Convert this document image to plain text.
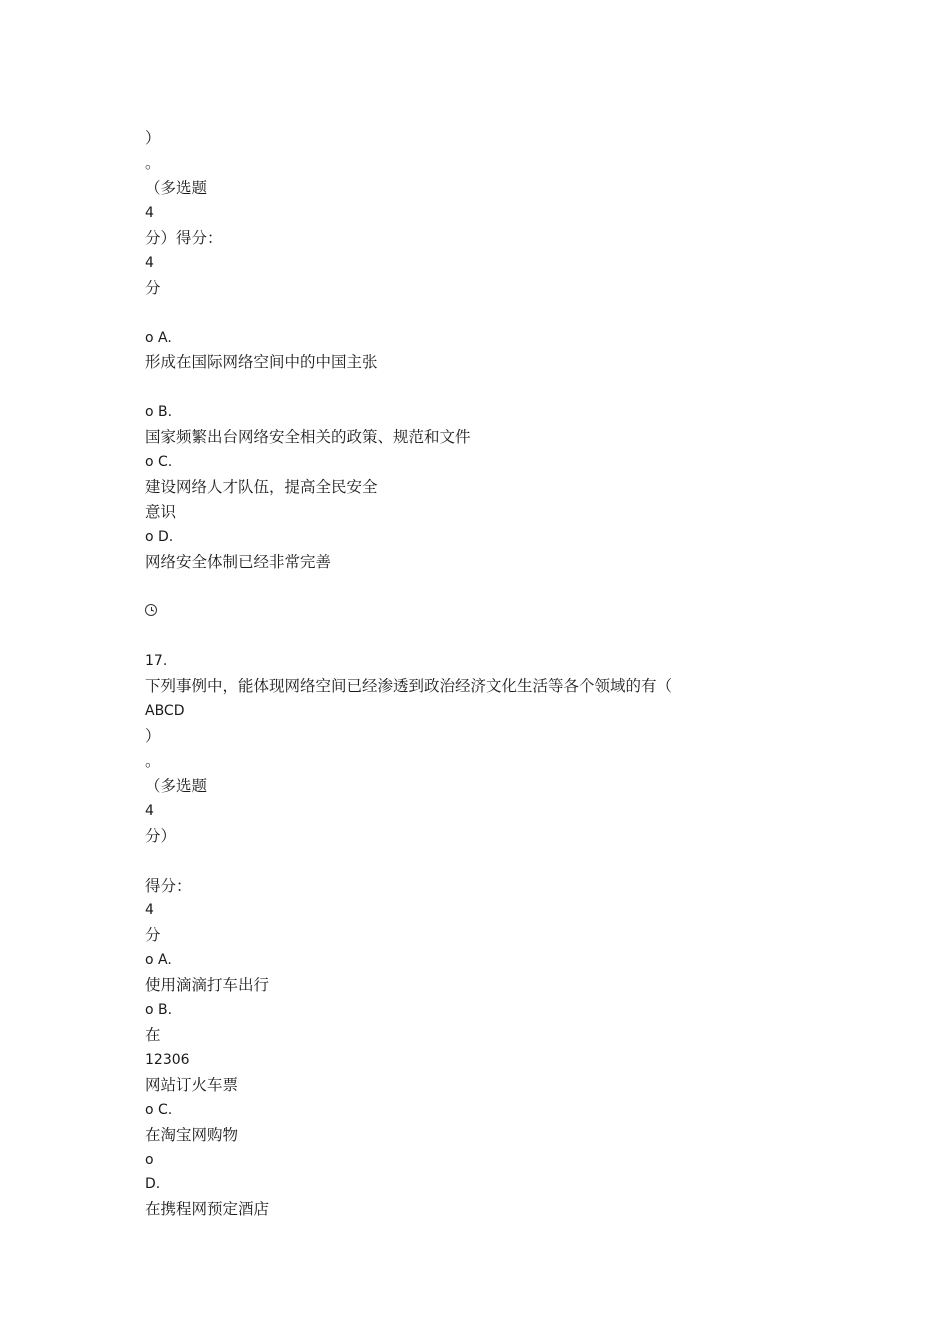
）
。
（多选题
4
分）得分：
4
分
o A.
形成在国际网络空间中的中国主张
o B.
国家频繁出台网络安全相关的政策、规范和文件
o C.
建设网络人才队伍，提高全民安全
意识
o D.
网络安全体制已经非常完善
17.
下列事例中，能体现网络空间已经渗透到政治经济文化生活等各个领域的有（
ABCD
）
。
（多选题
4
分）
得分：
4
分
o A.
使用滴滴打车出行
o B.
在
12306
网站订火车票
o C.
在淘宝网购物
o
D.
在携程网预定酒店
